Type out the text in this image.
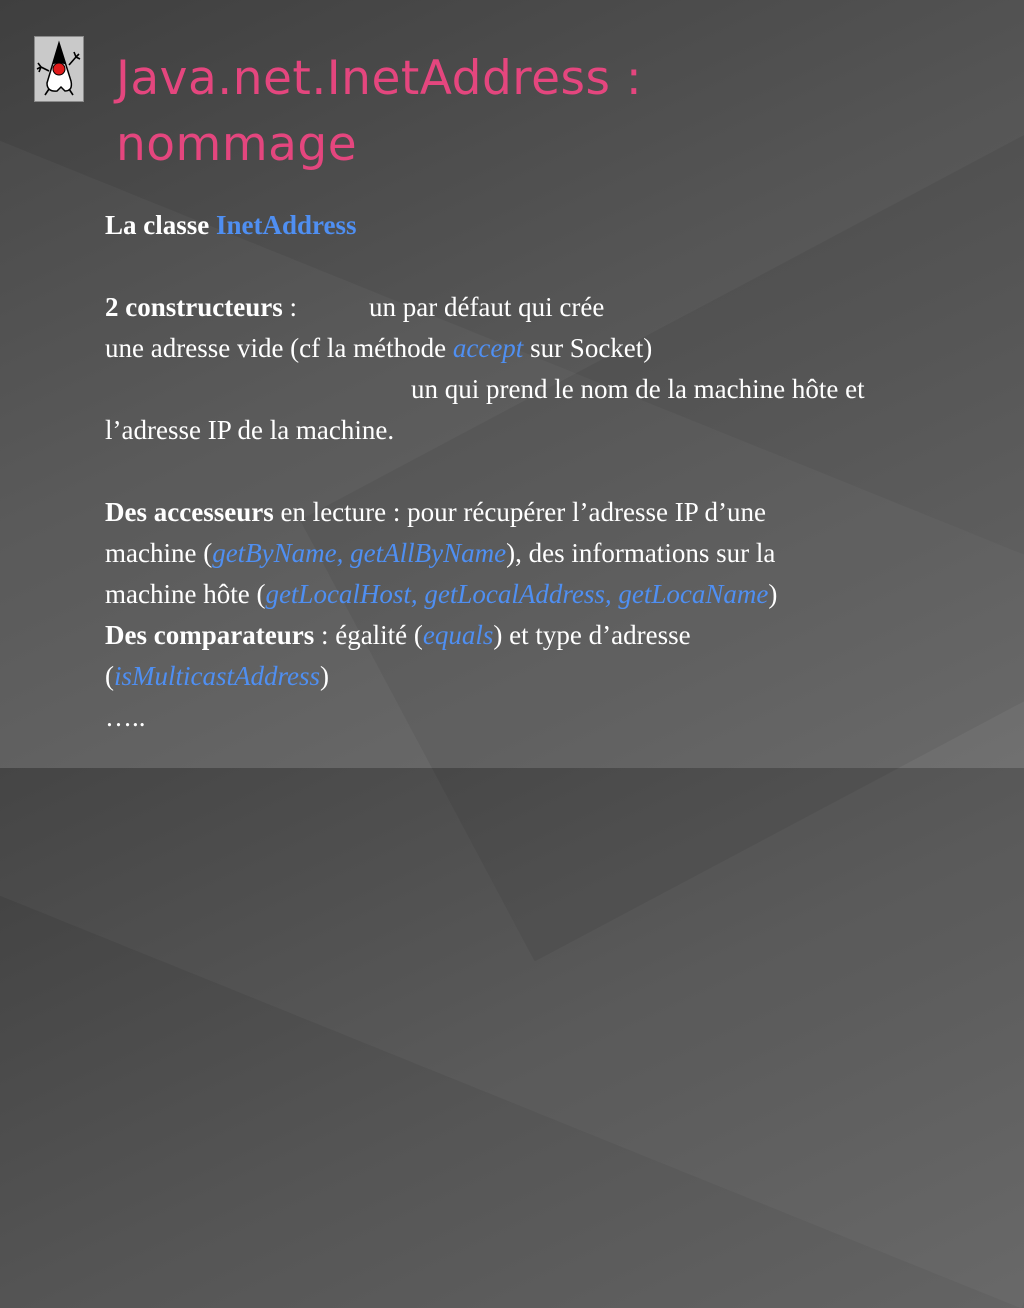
Java.net.InetAddress :
nommage

La classe InetAddress

2 constructeurs :	un par défaut qui crée

une adresse vide (cf la méthode accept sur Socket)

un qui prend le nom de la machine hôte et

l’adresse IP de la machine.

Des accesseurs en lecture : pour récupérer l’adresse IP d’une

machine (getByName, getAllByName), des informations sur la

machine hôte (getLocalHost, getLocalAddress, getLocaName)

Des comparateurs : égalité (equals) et type d’adresse

(isMulticastAddress)

…..
